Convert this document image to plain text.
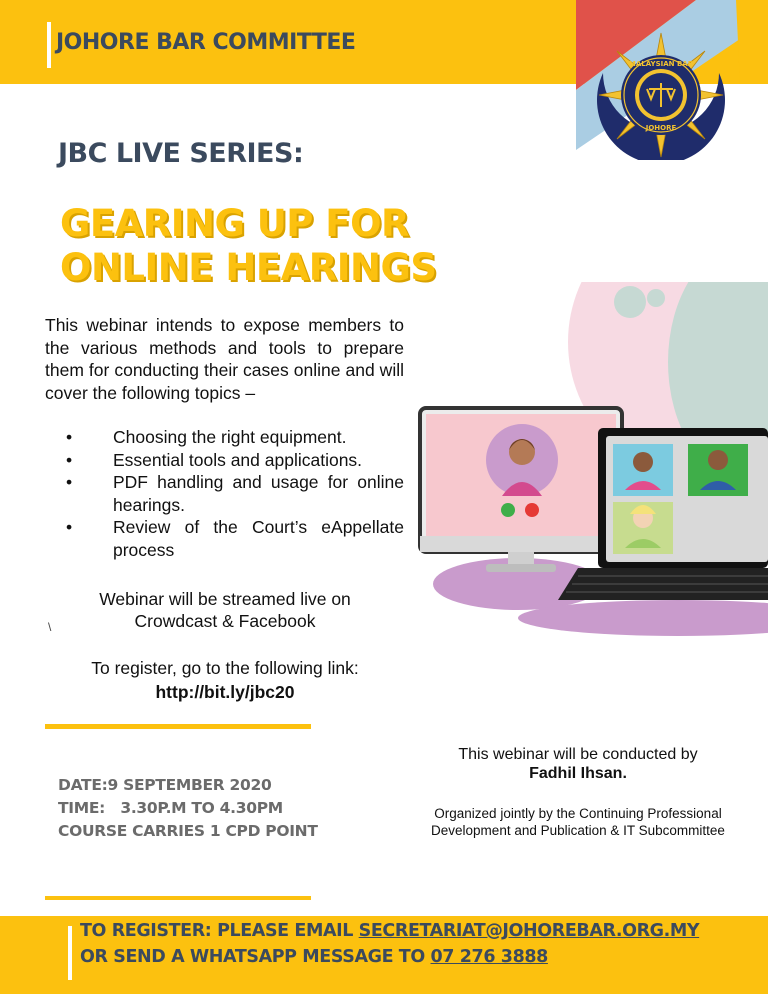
JOHORE BAR COMMITTEE
MALAYSIAN BAR
JOHORE
JBC LIVE SERIES:
GEARING UP FOR
ONLINE HEARINGS
This webinar intends to expose members to the various methods and tools to prepare them for conducting their cases online and will cover the following topics –
• Choosing the right equipment.
• Essential tools and applications.
• PDF handling and usage for online hearings.
• Review of the Court’s eAppellate process
Webinar will be streamed live on
Crowdcast & Facebook
\
To register, go to the following link:
http://bit.ly/jbc20
DATE:9 SEPTEMBER 2020
TIME:   3.30P.M TO 4.30PM
COURSE CARRIES 1 CPD POINT
This webinar will be conducted by
Fadhil Ihsan.
Organized jointly by the Continuing Professional Development and Publication & IT Subcommittee
TO REGISTER: PLEASE EMAIL SECRETARIAT@JOHOREBAR.ORG.MY
OR SEND A WHATSAPP MESSAGE TO 07 276 3888
